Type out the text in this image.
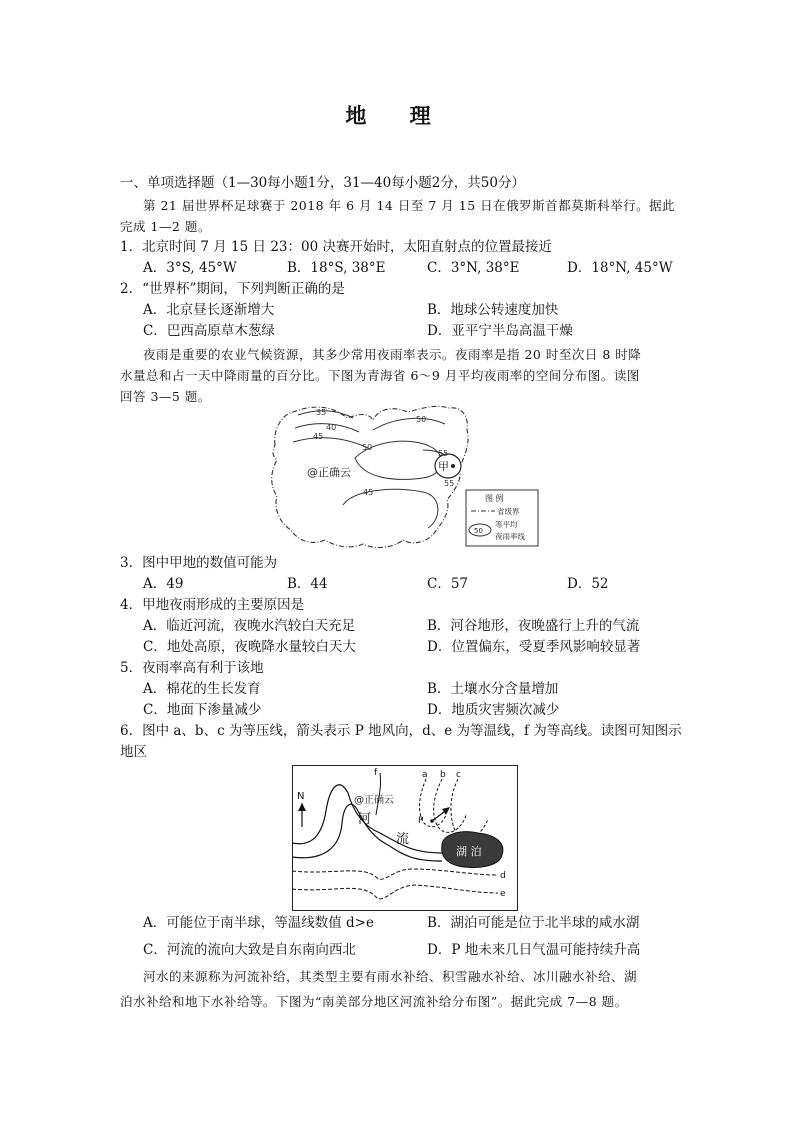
地 理
一、单项选择题（1—30每小题1分，31—40每小题2分，共50分）
第 21 届世界杯足球赛于 2018 年 6 月 14 日至 7 月 15 日在俄罗斯首都莫斯科举行。据此
完成 1—2 题。
1．北京时间 7 月 15 日 23：00 决赛开始时，太阳直射点的位置最接近
A．3°S, 45°W	B．18°S, 38°E	C．3°N, 38°E	D．18°N, 45°W
2．“世界杯”期间，下列判断正确的是
A．北京昼长逐渐增大	B．地球公转速度加快
C．巴西高原草木葱绿	D．亚平宁半岛高温干燥
夜雨是重要的农业气候资源，其多少常用夜雨率表示。夜雨率是指 20 时至次日 8 时降
水量总和占一天中降雨量的百分比。下图为青海省 6～9 月平均夜雨率的空间分布图。读图
回答 3—5 题。
35
40
45
50
50
55
45
55
甲
@正确云
图 例
省级界
50
等平均
夜雨率线
3．图中甲地的数值可能为
A．49	B．44	C．57	D．52
4．甲地夜雨形成的主要原因是
A．临近河流，夜晚水汽较白天充足	B．河谷地形，夜晚盛行上升的气流
C．地处高原，夜晚降水量较白天大	D．位置偏东，受夏季风影响较显著
5．夜雨率高有利于该地
A．棉花的生长发育	B．土壤水分含量增加
C．地面下渗量减少	D．地质灾害频次减少
6．图中 a、b、c 为等压线，箭头表示 P 地风向，d、e 为等温线，f 为等高线。读图可知图示
地区
N
f	a b c
P
湖 泊
d
e
河
流
@正确云
A．可能位于南半球，等温线数值 d>e	B．湖泊可能是位于北半球的咸水湖
C．河流的流向大致是自东南向西北	D．P 地未来几日气温可能持续升高
河水的来源称为河流补给，其类型主要有雨水补给、积雪融水补给、冰川融水补给、湖
泊水补给和地下水补给等。下图为“南美部分地区河流补给分布图”。据此完成 7—8 题。
